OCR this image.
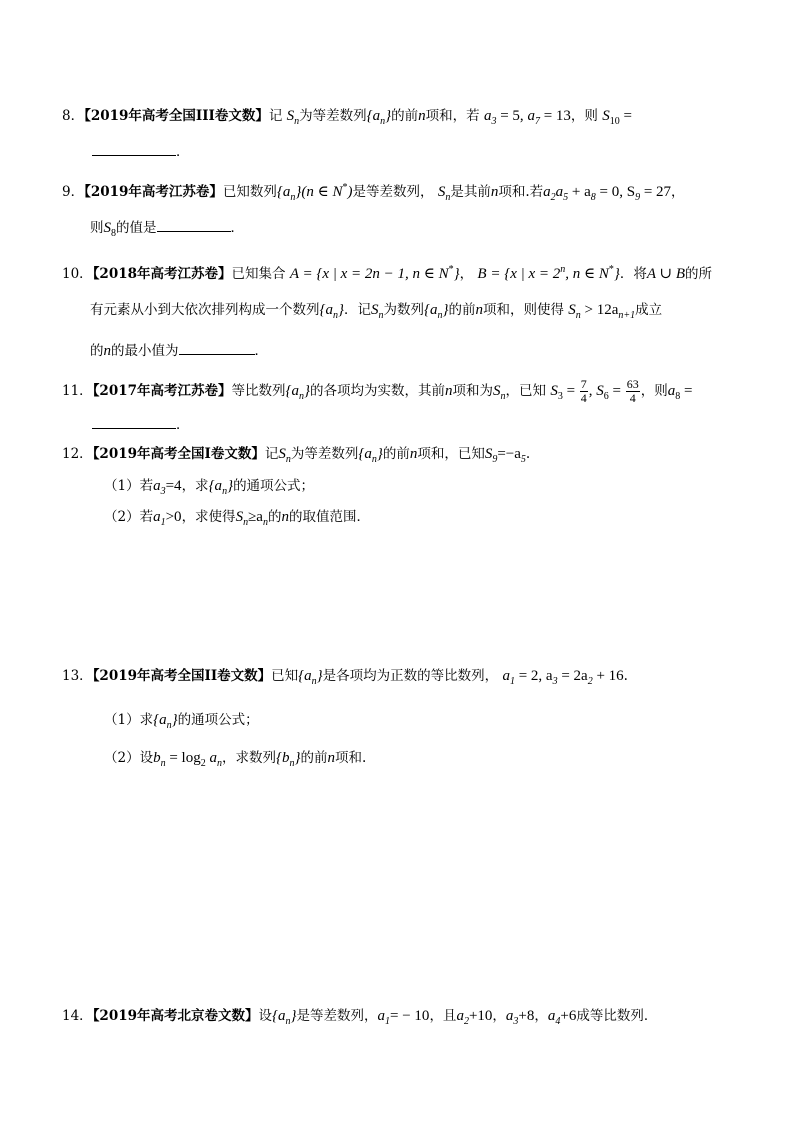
8．【2019年高考全国III卷文数】记 $S_n$为等差数列$\{a_n\}$的前n项和，若 $a_3 = 5$, $a_7 = 13$，则 $S_{10}$ =
．
9．【2019年高考江苏卷】已知数列$\{a_n\}(n$ ∈ N*)是等差数列， $S_n$是其前n项和.若$a_2a_5 + a_8 = 0$, $S_9 = 27$，
则$S_8$的值是	．
10．【2018年高考江苏卷】已知集合 A = {x | x = 2n − 1, n ∈ N*}， B = {x | $x = 2^n$, n ∈ N*}．将A ∪ B的所
有元素从小到大依次排列构成一个数列$\{a_n\}$．记$S_n$为数列$\{a_n\}$的前n项和，则使得 $S_n > 12a_{n+1}$成立
的n的最小值为	．
11．【2017年高考江苏卷】等比数列$\{a_n\}$的各项均为实数，其前n项和为$S_n$，已知 $S_3 = \frac{7}{4}$ , $S_6 = \frac{63}{4}$ ，则$a_8$ =
．
12．【2019年高考全国I卷文数】记$S_n$为等差数列$\{a_n\}$的前n项和，已知$S_9=-a_5$.
（1）若$a_3=4$，求$\{a_n\}$的通项公式；
（2）若$a_1>0$，求使得$S_n\ge a_n$的n的取值范围．
13．【2019年高考全国II卷文数】已知$\{a_n\}$是各项均为正数的等比数列， $a_1 = 2$, $a_3 = 2a_2 + 16$.
（1）求$\{a_n\}$的通项公式；
（2）设$b_n = \log_2 a_n$，求数列$\{b_n\}$的前n项和.
14．【2019年高考北京卷文数】设$\{a_n\}$是等差数列，$a_1= - 10$，且$a_2+10$，$a_3+8$，$a_4+6$成等比数列．
